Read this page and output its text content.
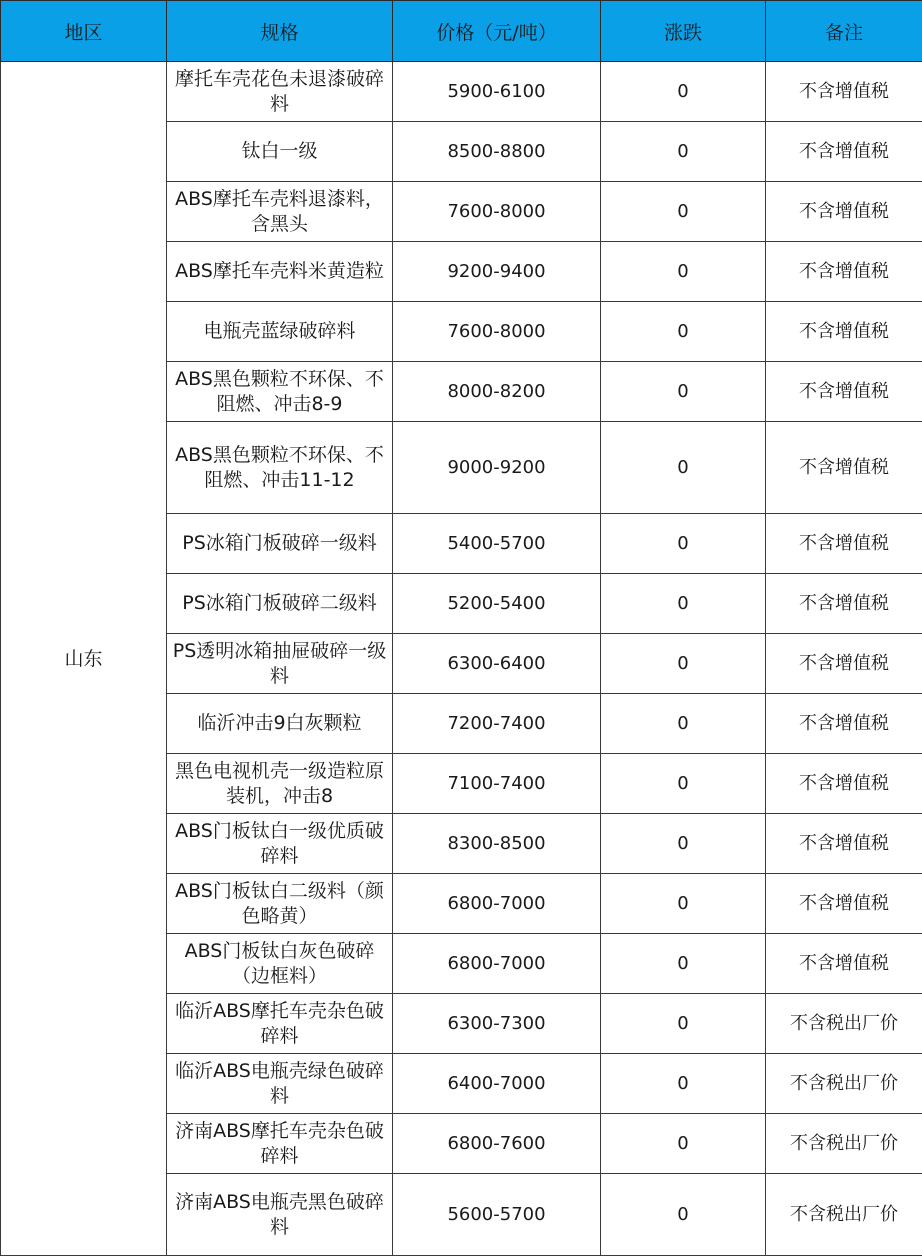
地区	规格	价格（元/吨）	涨跌	备注
山东	摩托车壳花色未退漆破碎料	5900-6100	0	不含增值税
	钛白一级	8500-8800	0	不含增值税
	ABS摩托车壳料退漆料，含黑头	7600-8000	0	不含增值税
	ABS摩托车壳料米黄造粒	9200-9400	0	不含增值税
	电瓶壳蓝绿破碎料	7600-8000	0	不含增值税
	ABS黑色颗粒不环保、不阻燃、冲击8-9	8000-8200	0	不含增值税
	ABS黑色颗粒不环保、不阻燃、冲击11-12	9000-9200	0	不含增值税
	PS冰箱门板破碎一级料	5400-5700	0	不含增值税
	PS冰箱门板破碎二级料	5200-5400	0	不含增值税
	PS透明冰箱抽屉破碎一级料	6300-6400	0	不含增值税
	临沂冲击9白灰颗粒	7200-7400	0	不含增值税
	黑色电视机壳一级造粒原装机，冲击8	7100-7400	0	不含增值税
	ABS门板钛白一级优质破碎料	8300-8500	0	不含增值税
	ABS门板钛白二级料（颜色略黄）	6800-7000	0	不含增值税
	ABS门板钛白灰色破碎（边框料）	6800-7000	0	不含增值税
	临沂ABS摩托车壳杂色破碎料	6300-7300	0	不含税出厂价
	临沂ABS电瓶壳绿色破碎料	6400-7000	0	不含税出厂价
	济南ABS摩托车壳杂色破碎料	6800-7600	0	不含税出厂价
	济南ABS电瓶壳黑色破碎料	5600-5700	0	不含税出厂价
